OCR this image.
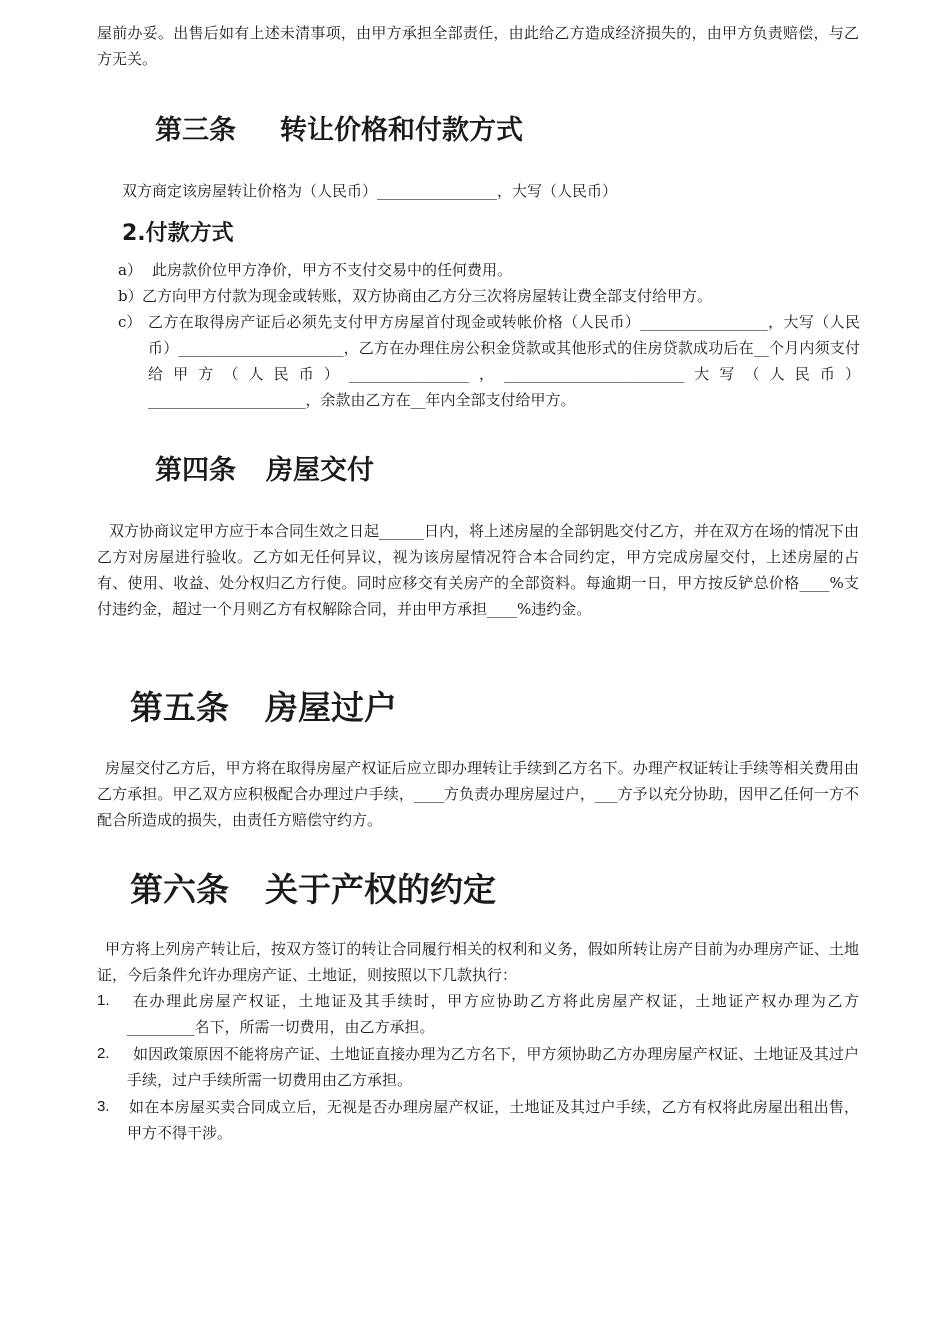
屋前办妥。出售后如有上述未清事项，由甲方承担全部责任，由此给乙方造成经济损失的，由甲方负责赔偿，与乙方无关。

第三条 转让价格和付款方式

双方商定该房屋转让价格为（人民币）________________，大写（人民币）

2.付款方式
a） 此房款价位甲方净价，甲方不支付交易中的任何费用。
b） 乙方向甲方付款为现金或转账，双方协商由乙方分三次将房屋转让费全部支付给甲方。
c） 乙方在取得房产证后必须先支付甲方房屋首付现金或转帐价格（人民币）_________________，大写（人民币）______________________，乙方在办理住房公积金贷款或其他形式的住房贷款成功后在__个月内须支付给甲方（人民币）________________，________________________大写（人民币）_____________________，余款由乙方在__年内全部支付给甲方。
第四条 房屋交付

双方协商议定甲方应于本合同生效之日起______日内，将上述房屋的全部钥匙交付乙方，并在双方在场的情况下由乙方对房屋进行验收。乙方如无任何异议，视为该房屋情况符合本合同约定，甲方完成房屋交付，上述房屋的占有、使用、收益、处分权归乙方行使。同时应移交有关房产的全部资料。每逾期一日，甲方按反铲总价格____%支付违约金，超过一个月则乙方有权解除合同，并由甲方承担____%违约金。

第五条 房屋过户

房屋交付乙方后，甲方将在取得房屋产权证后应立即办理转让手续到乙方名下。办理产权证转让手续等相关费用由乙方承担。甲乙双方应积极配合办理过户手续，____方负责办理房屋过户，___方予以充分协助，因甲乙任何一方不配合所造成的损失，由责任方赔偿守约方。

第六条 关于产权的约定

甲方将上列房产转让后，按双方签订的转让合同履行相关的权利和义务，假如所转让房产目前为办理房产证、土地证，今后条件允许办理房产证、土地证，则按照以下几款执行：

1.	在办理此房屋产权证，土地证及其手续时，甲方应协助乙方将此房屋产权证，土地证产权办理为乙方_________名下，所需一切费用，由乙方承担。
2.	如因政策原因不能将房产证、土地证直接办理为乙方名下，甲方须协助乙方办理房屋产权证、土地证及其过户手续，过户手续所需一切费用由乙方承担。
3.	如在本房屋买卖合同成立后，无视是否办理房屋产权证，土地证及其过户手续，乙方有权将此房屋出租出售，甲方不得干涉。
